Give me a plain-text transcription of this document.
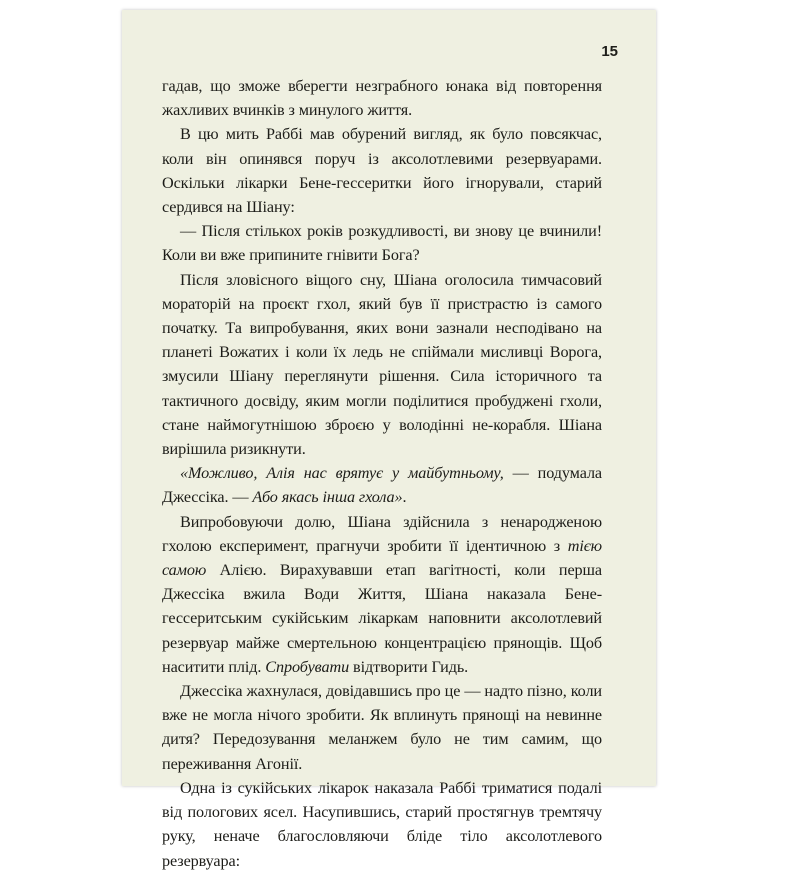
15

гадав, що зможе вберегти незграбного юнака від повторення жахливих вчинків з минулого життя.

В цю мить Раббі мав обурений вигляд, як було повсякчас, коли він опинявся поруч із аксолотлевими резервуарами. Оскільки лікарки Бене-гессеритки його ігнорували, старий сердився на Шіану:

— Після стількох років розкудливості, ви знову це вчинили! Коли ви вже припините гнівити Бога?

Після зловісного віщого сну, Шіана оголосила тимчасовий мораторій на проєкт гхол, який був її пристрастю із самого початку. Та випробування, яких вони зазнали несподівано на планеті Вожатих і коли їх ледь не спіймали мисливці Ворога, змусили Шіану переглянути рішення. Сила історичного та тактичного досвіду, яким могли поділитися пробуджені гхоли, стане наймогутнішою зброєю у володінні не-корабля. Шіана вирішила ризикнути.

«Можливо, Алія нас врятує у майбутньому, — подумала Джессіка. — Або якась інша гхола».

Випробовуючи долю, Шіана здійснила з ненародженою гхолою експеримент, прагнучи зробити її ідентичною з тією самою Алією. Вирахувавши етап вагітності, коли перша Джессіка вжила Води Життя, Шіана наказала Бене-гессеритським сукійським лікаркам наповнити аксолотлевий резервуар майже смертельною концентрацією прянощів. Щоб наситити плід. Спробувати відтворити Гидь.

Джессіка жахнулася, довідавшись про це — надто пізно, коли вже не могла нічого зробити. Як вплинуть прянощі на невинне дитя? Передозування меланжем було не тим самим, що переживання Агонії.

Одна із сукійських лікарок наказала Раббі триматися подалі від пологових ясел. Насупившись, старий простягнув тремтячу руку, неначе благословляючи бліде тіло аксолотлевого резервуара:
